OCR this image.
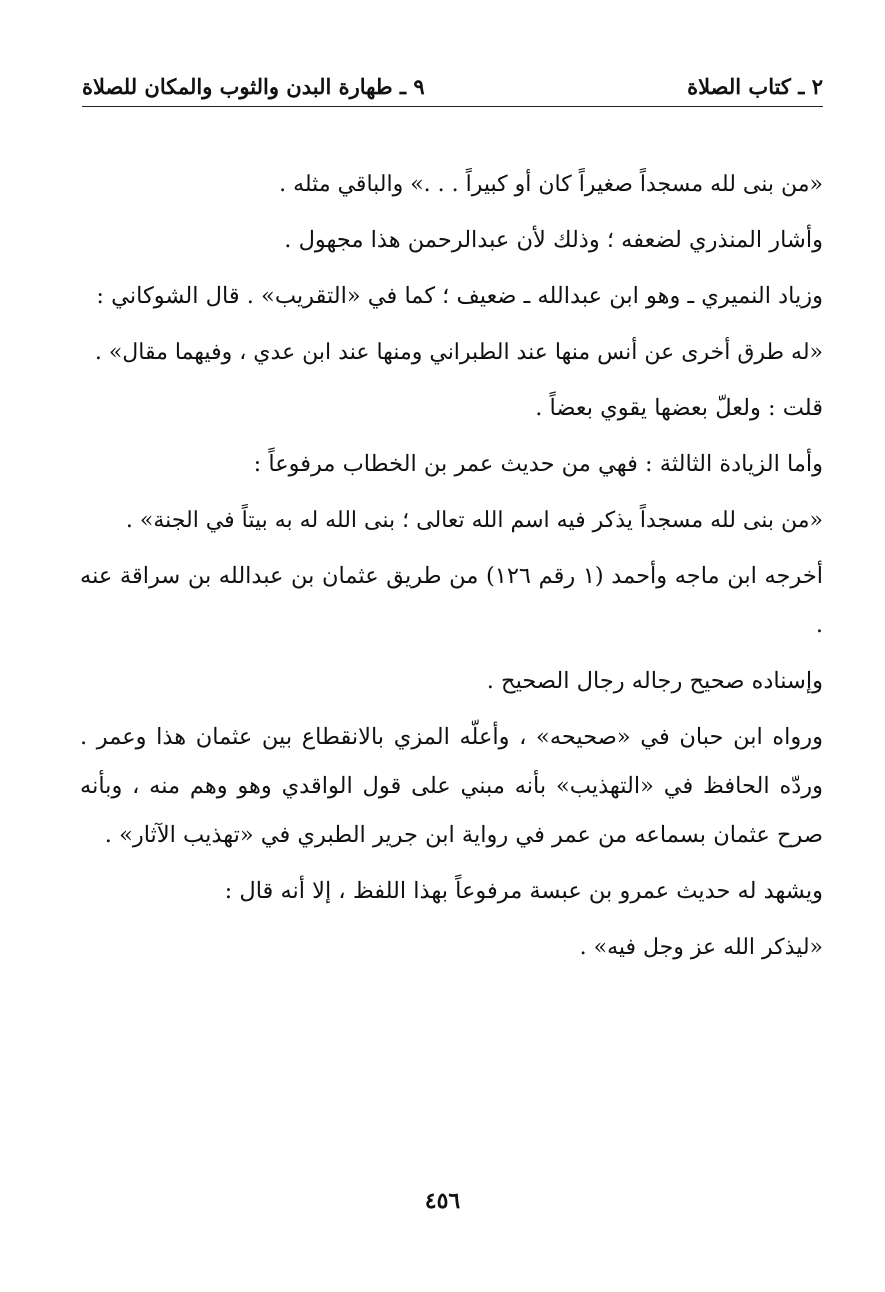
٢ ـ كتاب الصلاة
٩ ـ طهارة البدن والثوب والمكان للصلاة

«من بنى لله مسجداً صغيراً كان أو كبيراً . . .» والباقي مثله .

وأشار المنذري لضعفه ؛ وذلك لأن عبدالرحمن هذا مجهول .

وزياد النميري ـ وهو ابن عبدالله ـ ضعيف ؛ كما في «التقريب» . قال الشوكاني :

«له طرق أخرى عن أنس منها عند الطبراني ومنها عند ابن عدي ، وفيهما مقال» .

قلت : ولعلّ بعضها يقوي بعضاً .

وأما الزيادة الثالثة : فهي من حديث عمر بن الخطاب مرفوعاً :

«من بنى لله مسجداً يذكر فيه اسم الله تعالى ؛ بنى الله له به بيتاً في الجنة» .

أخرجه ابن ماجه وأحمد (١ رقم ١٢٦) من طريق عثمان بن عبدالله بن سراقة عنه .

وإسناده صحيح رجاله رجال الصحيح .

ورواه ابن حبان في «صحيحه» ، وأعلّه المزي بالانقطاع بين عثمان هذا وعمر . وردّه الحافظ في «التهذيب» بأنه مبني على قول الواقدي وهو وهم منه ، وبأنه صرح عثمان بسماعه من عمر في رواية ابن جرير الطبري في «تهذيب الآثار» .

ويشهد له حديث عمرو بن عبسة مرفوعاً بهذا اللفظ ، إلا أنه قال :

«ليذكر الله عز وجل فيه» .

٤٥٦
